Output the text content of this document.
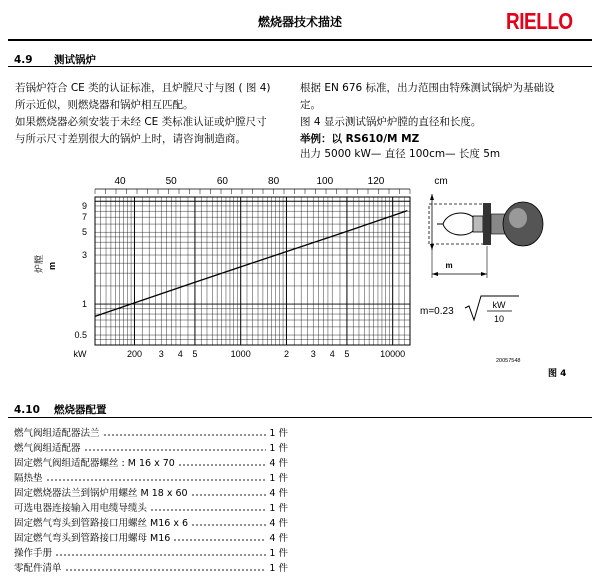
燃烧器技术描述	RIELLO
4.9 测试锅炉
若锅炉符合 CE 类的认证标准，且炉膛尺寸与图 ( 图 4)
所示近似，则燃烧器和锅炉相互匹配。
如果燃烧器必须安装于未经 CE 类标准认证或炉膛尺寸
与所示尺寸差别很大的锅炉上时，请咨询制造商。
根据 EN 676 标准，出力范围由特殊测试锅炉为基础设
定。
图 4 显示测试锅炉炉膛的直径和长度。
举例：以 RS610/M MZ
出力 5000 kW— 直径 100cm— 长度 5m
40	50	60	80	100	120
200 3 4 5	1000	2 3 4 5	10000
kW
9
7
5
3
1
0.5
炉膛 m
cm
m
m=0.23
kW
10
20057548
图 4
4.10 燃烧器配置
燃气阀组适配器法兰	1 件
燃气阀组适配器	1 件
固定燃气阀组适配器螺丝 : M 16 x 70	4 件
隔热垫	1 件
固定燃烧器法兰到锅炉用螺丝 M 18 x 60	4 件
可选电器连接输入用电缆导缆头	1 件
固定燃气弯头到管路接口用螺丝 M16 x 6	4 件
固定燃气弯头到管路接口用螺母 M16	4 件
操作手册	1 件
零配件清单	1 件
